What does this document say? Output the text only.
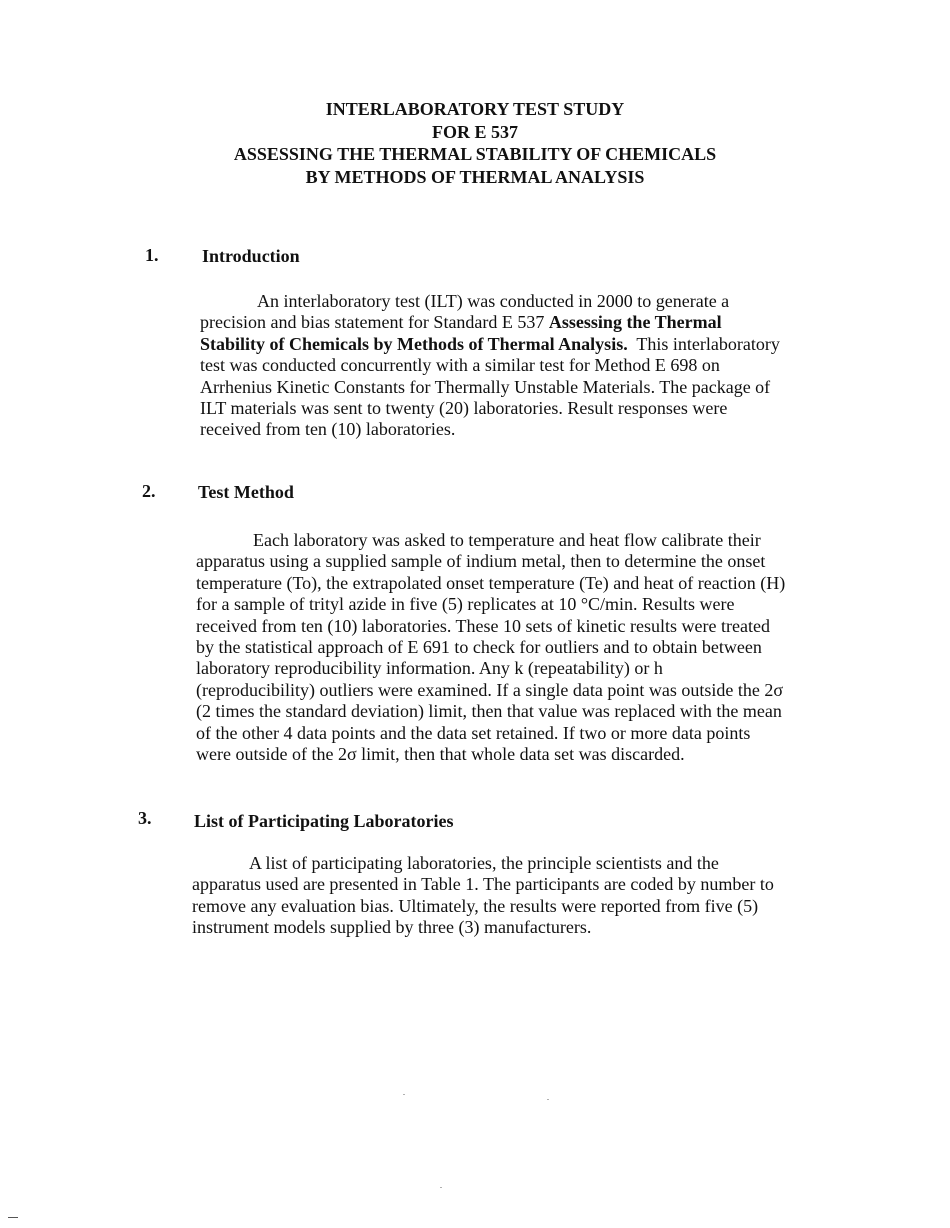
INTERLABORATORY TEST STUDY
FOR E 537
ASSESSING THE THERMAL STABILITY OF CHEMICALS
BY METHODS OF THERMAL ANALYSIS
1. Introduction
An interlaboratory test (ILT) was conducted in 2000 to generate a
precision and bias statement for Standard E 537 Assessing the Thermal
Stability of Chemicals by Methods of Thermal Analysis.  This interlaboratory
test was conducted concurrently with a similar test for Method E 698 on
Arrhenius Kinetic Constants for Thermally Unstable Materials. The package of
ILT materials was sent to twenty (20) laboratories. Result responses were
received from ten (10) laboratories.
2. Test Method
Each laboratory was asked to temperature and heat flow calibrate their
apparatus using a supplied sample of indium metal, then to determine the onset
temperature (To), the extrapolated onset temperature (Te) and heat of reaction (H)
for a sample of trityl azide in five (5) replicates at 10 °C/min. Results were
received from ten (10) laboratories. These 10 sets of kinetic results were treated
by the statistical approach of E 691 to check for outliers and to obtain between
laboratory reproducibility information. Any k (repeatability) or h
(reproducibility) outliers were examined. If a single data point was outside the 2σ
(2 times the standard deviation) limit, then that value was replaced with the mean
of the other 4 data points and the data set retained. If two or more data points
were outside of the 2σ limit, then that whole data set was discarded.
3. List of Participating Laboratories
A list of participating laboratories, the principle scientists and the
apparatus used are presented in Table 1. The participants are coded by number to
remove any evaluation bias. Ultimately, the results were reported from five (5)
instrument models supplied by three (3) manufacturers.
